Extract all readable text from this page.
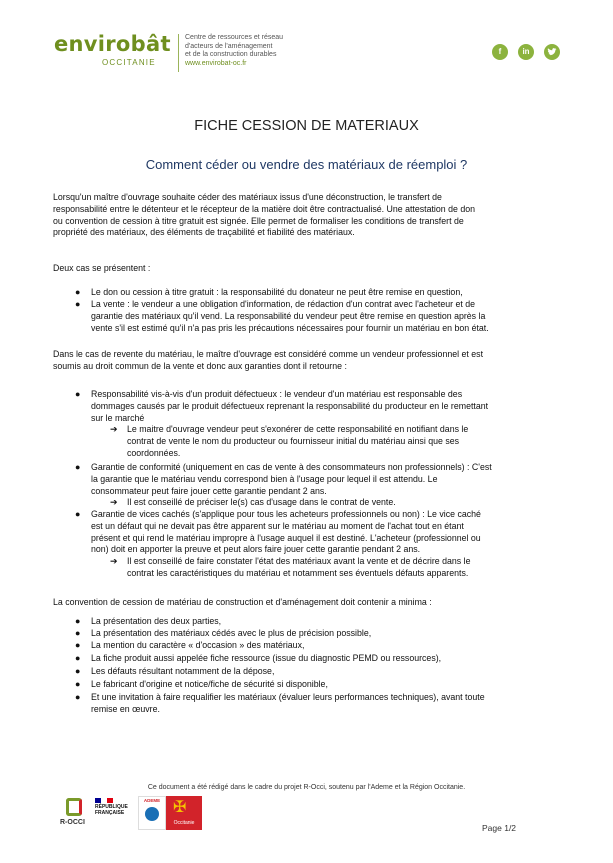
envirobât
OCCITANIE
Centre de ressources et réseau
d'acteurs de l'aménagement
et de la construction durables
www.envirobat-oc.fr
f	in
FICHE CESSION DE MATERIAUX
Comment céder ou vendre des matériaux de réemploi ?
Lorsqu'un maître d'ouvrage souhaite céder des matériaux issus d'une déconstruction, le transfert de
responsabilité entre le détenteur et le récepteur de la matière doit être contractualisé. Une attestation de don
ou convention de cession à titre gratuit est signée. Elle permet de formaliser les conditions de transfert de
propriété des matériaux, des éléments de traçabilité et fiabilité des matériaux.
Deux cas se présentent :
● Le don ou cession à titre gratuit : la responsabilité du donateur ne peut être remise en question,
● La vente : le vendeur a une obligation d'information, de rédaction d'un contrat avec l'acheteur et de
garantie des matériaux qu'il vend. La responsabilité du vendeur peut être remise en question après la
vente s'il est estimé qu'il n'a pas pris les précautions nécessaires pour fournir un matériau en bon état.
Dans le cas de revente du matériau, le maître d'ouvrage est considéré comme un vendeur professionnel et est
soumis au droit commun de la vente et donc aux garanties dont il retourne :
● Responsabilité vis-à-vis d'un produit défectueux : le vendeur d'un matériau est responsable des
dommages causés par le produit défectueux reprenant la responsabilité du producteur en le remettant
sur le marché
➔ Le maitre d'ouvrage vendeur peut s'exonérer de cette responsabilité en notifiant dans le
contrat de vente le nom du producteur ou fournisseur initial du matériau ainsi que ses
coordonnées.
● Garantie de conformité (uniquement en cas de vente à des consommateurs non professionnels) : C'est
la garantie que le matériau vendu correspond bien à l'usage pour lequel il est attendu. Le
consommateur peut faire jouer cette garantie pendant 2 ans.
➔ Il est conseillé de préciser le(s) cas d'usage dans le contrat de vente.
● Garantie de vices cachés (s'applique pour tous les acheteurs professionnels ou non) : Le vice caché
est un défaut qui ne devait pas être apparent sur le matériau au moment de l'achat tout en étant
présent et qui rend le matériau impropre à l'usage auquel il est destiné. L'acheteur (professionnel ou
non) doit en apporter la preuve et peut alors faire jouer cette garantie pendant 2 ans.
➔ Il est conseillé de faire constater l'état des matériaux avant la vente et de décrire dans le
contrat les caractéristiques du matériau et notamment ses éventuels défauts apparents.
La convention de cession de matériau de construction et d'aménagement doit contenir a minima :
● La présentation des deux parties,
● La présentation des matériaux cédés avec le plus de précision possible,
● La mention du caractère « d'occasion » des matériaux,
● La fiche produit aussi appelée fiche ressource (issue du diagnostic PEMD ou ressources),
● Les défauts résultant notamment de la dépose,
● Le fabricant d'origine et notice/fiche de sécurité si disponible,
● Et une invitation à faire requalifier les matériaux (évaluer leurs performances techniques), avant toute
remise en œuvre.
Ce document a été rédigé dans le cadre du projet R-Occi, soutenu par l'Ademe et la Région Occitanie.
R-OCCI
RÉPUBLIQUE
FRANÇAISE
ADEME ✠
Occitanie	Page 1/2
